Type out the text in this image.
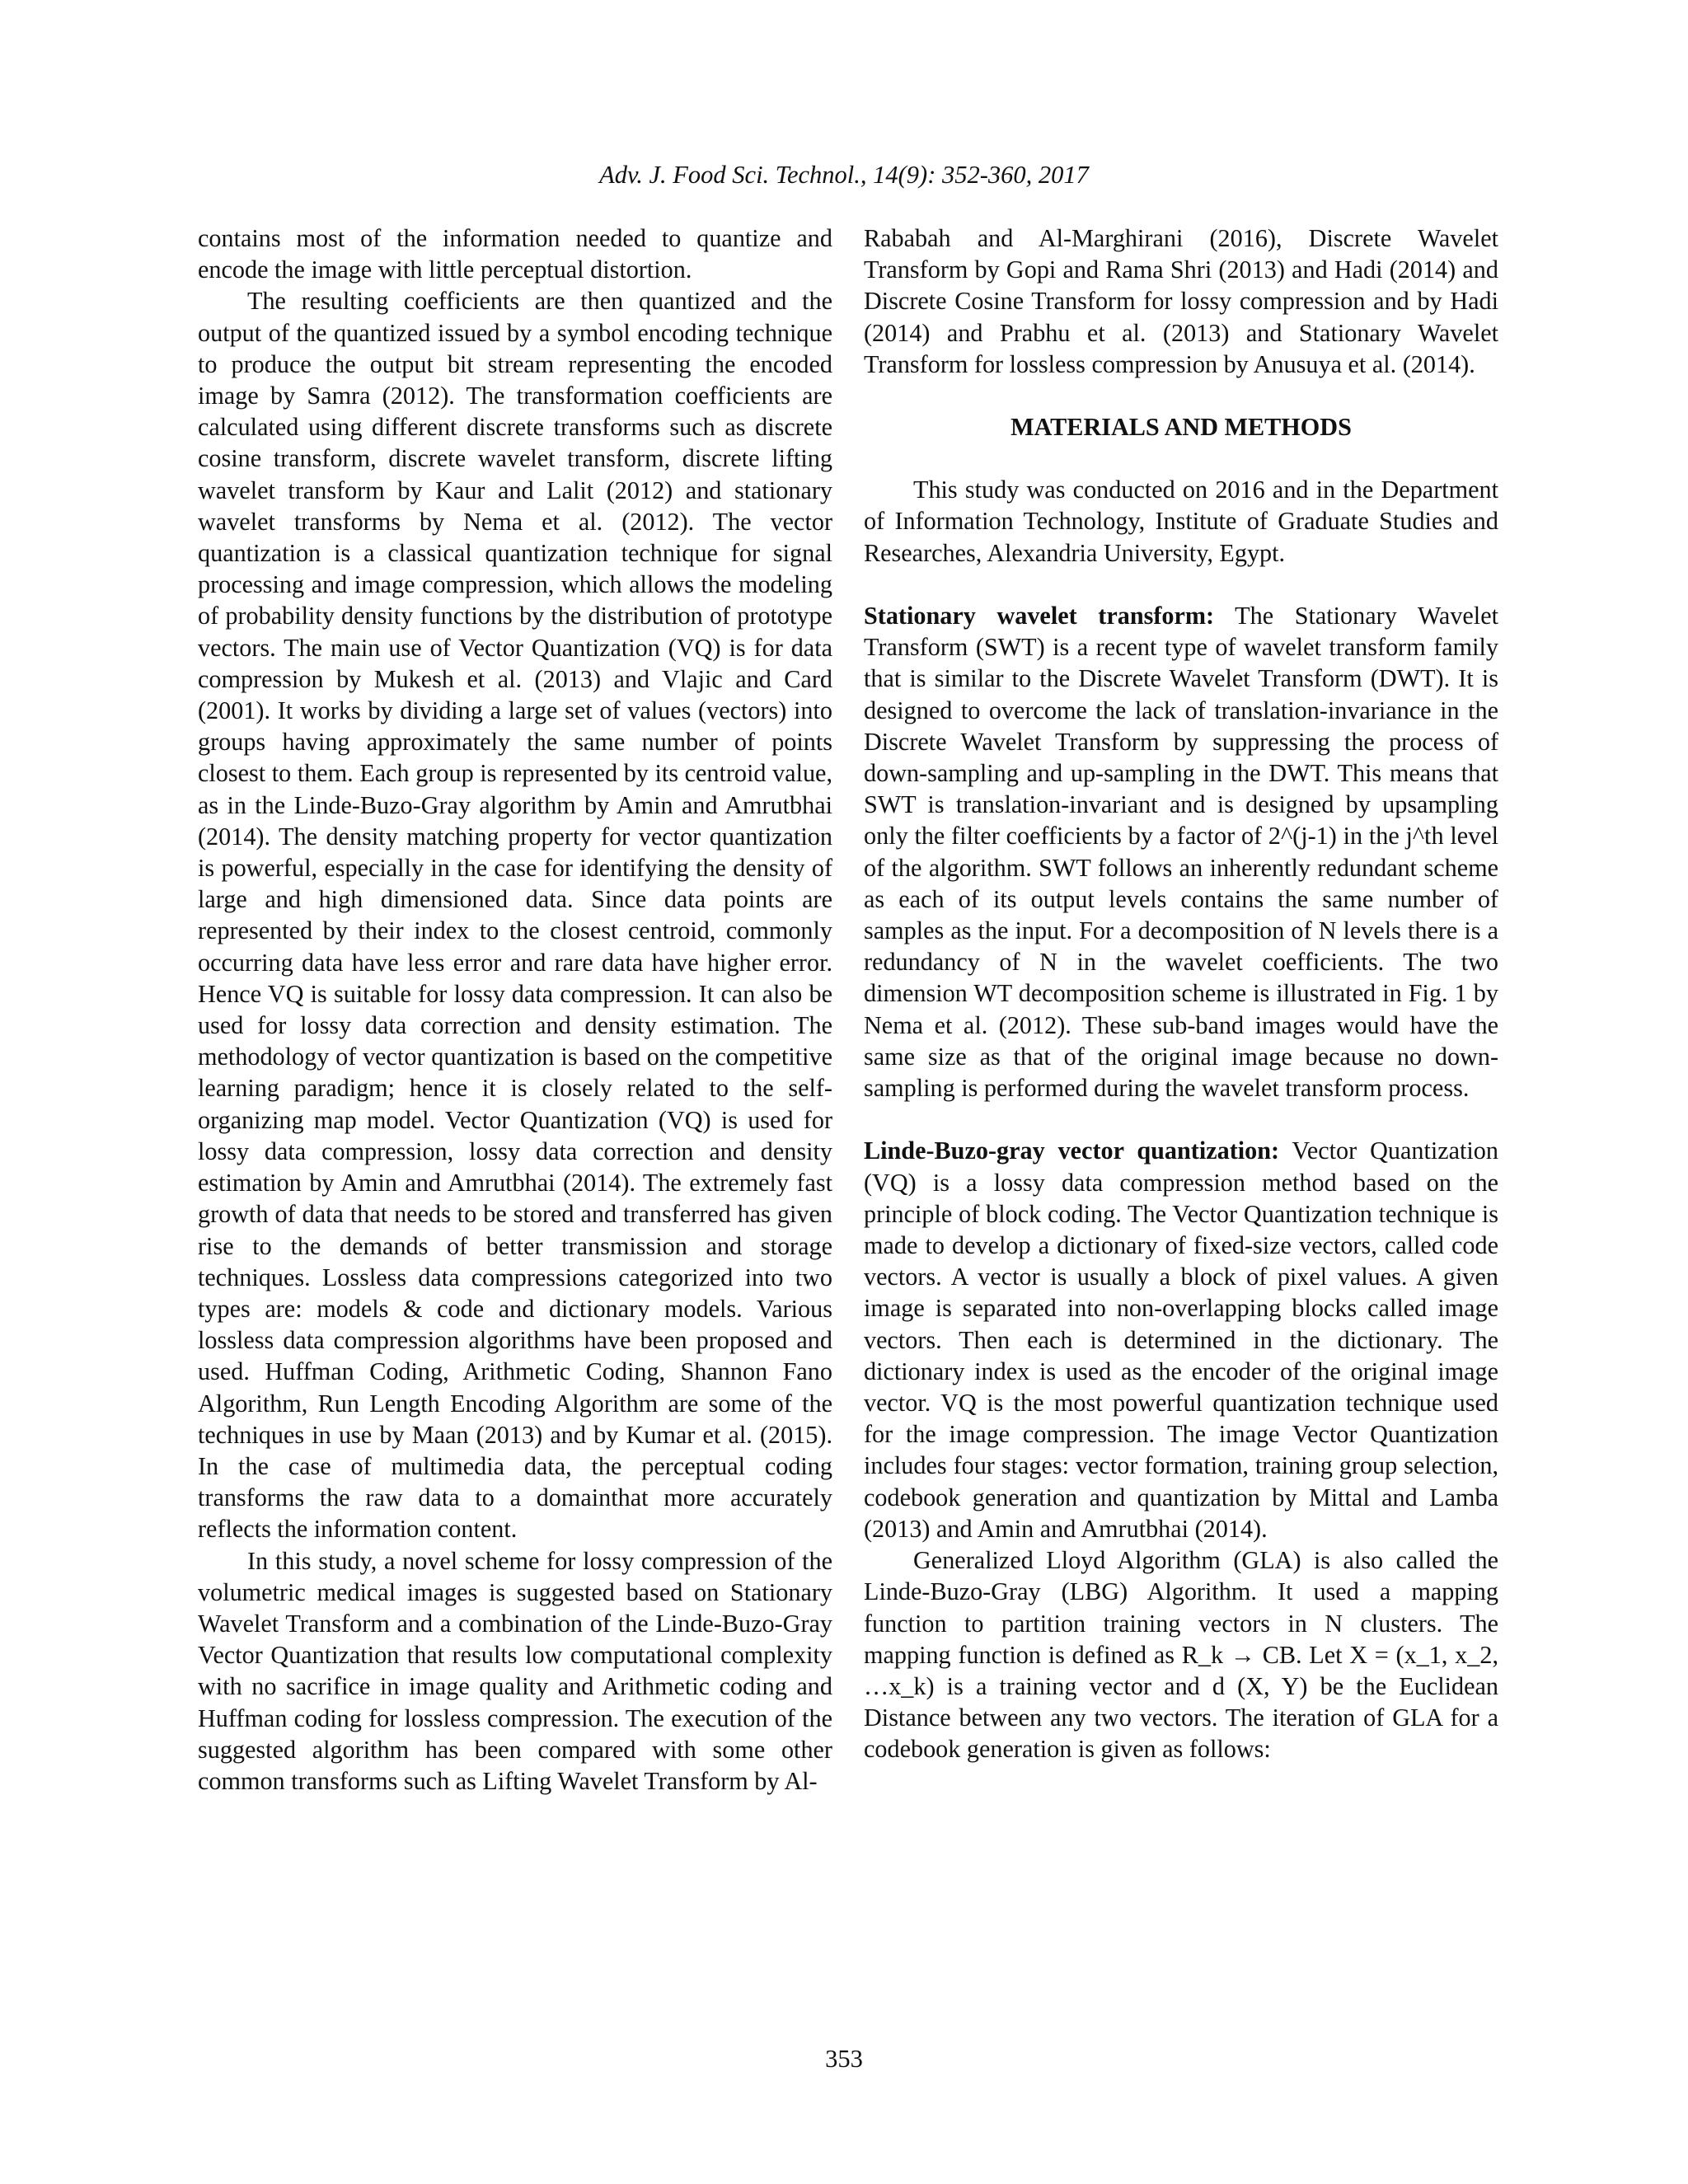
Adv. J. Food Sci. Technol., 14(9): 352-360, 2017

contains most of the information needed to quantize and encode the image with little perceptual distortion.

The resulting coefficients are then quantized and the output of the quantized issued by a symbol encoding technique to produce the output bit stream representing the encoded image by Samra (2012). The transformation coefficients are calculated using different discrete transforms such as discrete cosine transform, discrete wavelet transform, discrete lifting wavelet transform by Kaur and Lalit (2012) and stationary wavelet transforms by Nema et al. (2012). The vector quantization is a classical quantization technique for signal processing and image compression, which allows the modeling of probability density functions by the distribution of prototype vectors. The main use of Vector Quantization (VQ) is for data compression by Mukesh et al. (2013) and Vlajic and Card (2001). It works by dividing a large set of values (vectors) into groups having approximately the same number of points closest to them. Each group is represented by its centroid value, as in the Linde-Buzo-Gray algorithm by Amin and Amrutbhai (2014). The density matching property for vector quantization is powerful, especially in the case for identifying the density of large and high dimensioned data. Since data points are represented by their index to the closest centroid, commonly occurring data have less error and rare data have higher error. Hence VQ is suitable for lossy data compression. It can also be used for lossy data correction and density estimation. The methodology of vector quantization is based on the competitive learning paradigm; hence it is closely related to the self-organizing map model. Vector Quantization (VQ) is used for lossy data compression, lossy data correction and density estimation by Amin and Amrutbhai (2014). The extremely fast growth of data that needs to be stored and transferred has given rise to the demands of better transmission and storage techniques. Lossless data compressions categorized into two types are: models & code and dictionary models. Various lossless data compression algorithms have been proposed and used. Huffman Coding, Arithmetic Coding, Shannon Fano Algorithm, Run Length Encoding Algorithm are some of the techniques in use by Maan (2013) and by Kumar et al. (2015). In the case of multimedia data, the perceptual coding transforms the raw data to a domainthat more accurately reflects the information content.

In this study, a novel scheme for lossy compression of the volumetric medical images is suggested based on Stationary Wavelet Transform and a combination of the Linde-Buzo-Gray Vector Quantization that results low computational complexity with no sacrifice in image quality and Arithmetic coding and Huffman coding for lossless compression. The execution of the suggested algorithm has been compared with some other common transforms such as Lifting Wavelet Transform by Al-

Rababah and Al-Marghirani (2016), Discrete Wavelet Transform by Gopi and Rama Shri (2013) and Hadi (2014) and Discrete Cosine Transform for lossy compression and by Hadi (2014) and Prabhu et al. (2013) and Stationary Wavelet Transform for lossless compression by Anusuya et al. (2014).

MATERIALS AND METHODS

This study was conducted on 2016 and in the Department of Information Technology, Institute of Graduate Studies and Researches, Alexandria University, Egypt.

Stationary wavelet transform: The Stationary Wavelet Transform (SWT) is a recent type of wavelet transform family that is similar to the Discrete Wavelet Transform (DWT). It is designed to overcome the lack of translation-invariance in the Discrete Wavelet Transform by suppressing the process of down-sampling and up-sampling in the DWT. This means that SWT is translation-invariant and is designed by upsampling only the filter coefficients by a factor of 2^(j-1) in the j^th level of the algorithm. SWT follows an inherently redundant scheme as each of its output levels contains the same number of samples as the input. For a decomposition of N levels there is a redundancy of N in the wavelet coefficients. The two dimension WT decomposition scheme is illustrated in Fig. 1 by Nema et al. (2012). These sub-band images would have the same size as that of the original image because no down-sampling is performed during the wavelet transform process.

Linde-Buzo-gray vector quantization: Vector Quantization (VQ) is a lossy data compression method based on the principle of block coding. The Vector Quantization technique is made to develop a dictionary of fixed-size vectors, called code vectors. A vector is usually a block of pixel values. A given image is separated into non-overlapping blocks called image vectors. Then each is determined in the dictionary. The dictionary index is used as the encoder of the original image vector. VQ is the most powerful quantization technique used for the image compression. The image Vector Quantization includes four stages: vector formation, training group selection, codebook generation and quantization by Mittal and Lamba (2013) and Amin and Amrutbhai (2014).

Generalized Lloyd Algorithm (GLA) is also called the Linde-Buzo-Gray (LBG) Algorithm. It used a mapping function to partition training vectors in N clusters. The mapping function is defined as R_k → CB. Let X = (x_1, x_2, …x_k) is a training vector and d (X, Y) be the Euclidean Distance between any two vectors. The iteration of GLA for a codebook generation is given as follows:

353
